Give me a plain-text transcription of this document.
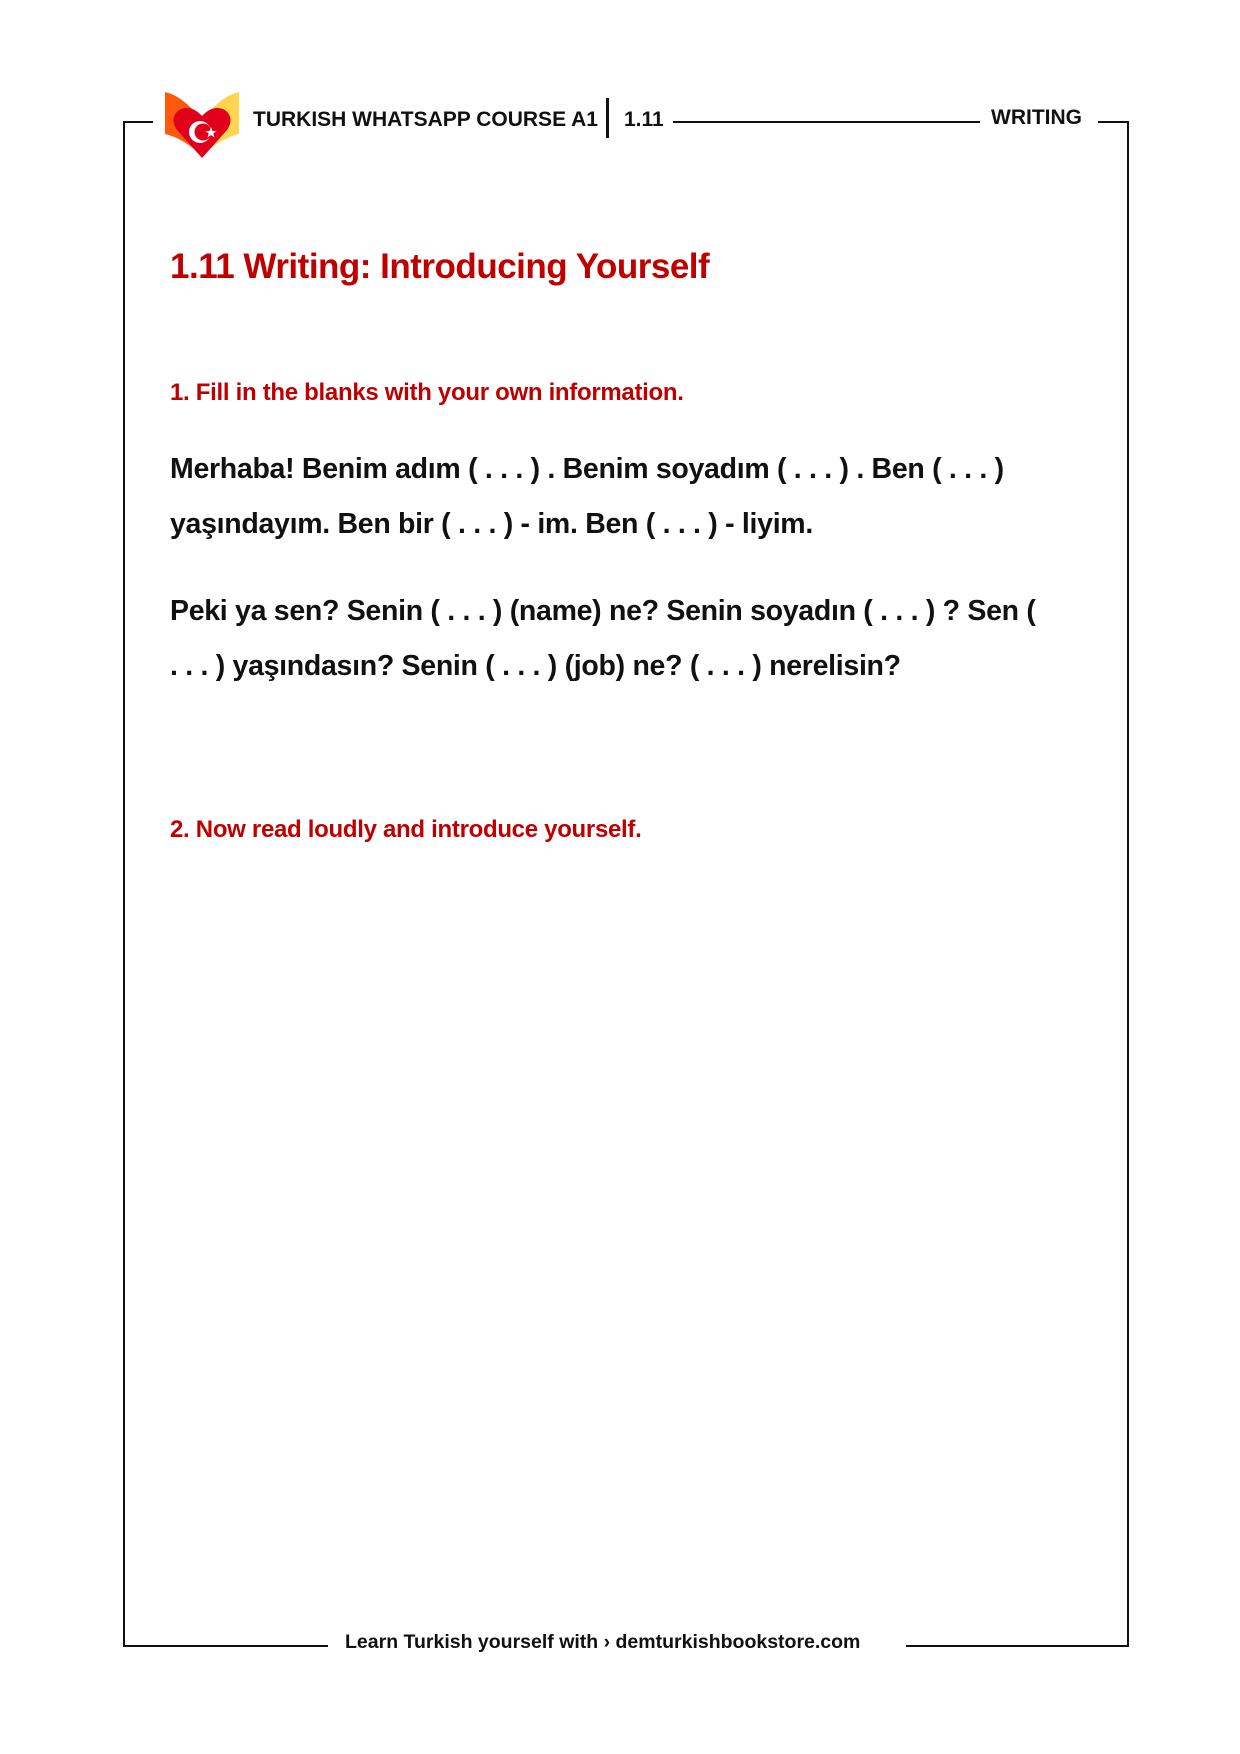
TURKISH WHATSAPP COURSE A1 1.11	WRITING
1.11 Writing: Introducing Yourself
1. Fill in the blanks with your own information.
Merhaba! Benim adım ( . . . ) . Benim soyadım ( . . . ) . Ben ( . . . ) yaşındayım. Ben bir ( . . . ) - im. Ben ( . . . ) - liyim.
Peki ya sen? Senin ( . . . ) (name) ne? Senin soyadın ( . . . ) ? Sen ( . . . ) yaşındasın? Senin ( . . . ) (job) ne? ( . . . ) nerelisin?
2. Now read loudly and introduce yourself.
Learn Turkish yourself with › demturkishbookstore.com
